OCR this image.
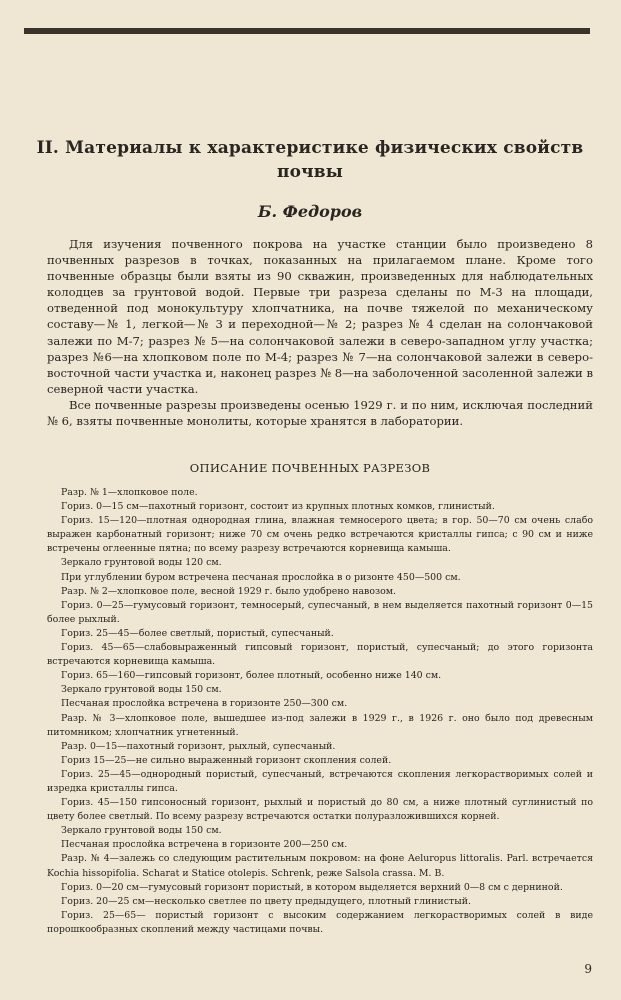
II. Материалы к характеристике физических свойств почвы
Б. Федоров

Для изучения почвенного покрова на участке станции было произведено 8 почвенных разрезов в точках, показанных на прилагаемом плане. Кроме того почвенные образцы были взяты из 90 скважин, произведенных для наблюдательных колодцев за грунтовой водой. Первые три разреза сделаны по М-3 на площади, отведенной под монокультуру хлопчатника, на почве тяжелой по механическому составу—№ 1, легкой—№ 3 и переходной—№ 2; разрез № 4 сделан на солончаковой залежи по М-7; разрез № 5—на солончаковой залежи в северо-западном углу участка; разрез №6—на хлопковом поле по М-4; разрез № 7—на солончаковой залежи в северо-восточной части участка и, наконец разрез № 8—на заболоченной засоленной залежи в северной части участка.

Все почвенные разрезы произведены осенью 1929 г. и по ним, исключая последний № 6, взяты почвенные монолиты, которые хранятся в лаборатории.

ОПИСАНИЕ ПОЧВЕННЫХ РАЗРЕЗОВ
Разр. № 1—хлопковое поле.
Гориз. 0—15 см—пахотный горизонт, состоит из крупных плотных комков, глинистый.
Гориз. 15—120—плотная однородная глина, влажная темносерого цвета; в гор. 50—70 см очень слабо выражен карбонатный горизонт; ниже 70 см очень редко встречаются кристаллы гипса; с 90 см и ниже встречены оглеенные пятна; по всему разрезу встречаются корневища камыша.
Зеркало грунтовой воды 120 см.
При углублении буром встречена песчаная прослойка в о ризонте 450—500 см.
Разр. № 2—хлопковое поле, весной 1929 г. было удобрено навозом.
Гориз. 0—25—гумусовый горизонт, темносерый, супесчаный, в нем выделяется пахотный горизонт 0—15 более рыхлый.
Гориз. 25—45—более светлый, пористый, супесчаный.
Гориз. 45—65—слабовыраженный гипсовый горизонт, пористый, супесчаный; до этого горизонта встречаются корневища камыша.
Гориз. 65—160—гипсовый горизонт, более плотный, особенно ниже 140 см.
Зеркало грунтовой воды 150 см.
Песчаная прослойка встречена в горизонте 250—300 см.
Разр. № 3—хлопковое поле, вышедшее из-под залежи в 1929 г., в 1926 г. оно было под древесным питомником; хлопчатник угнетенный.
Разр. 0—15—пахотный горизонт, рыхлый, супесчаный.
Гориз 15—25—не сильно выраженный горизонт скопления солей.
Гориз. 25—45—однородный пористый, супесчаный, встречаются скопления легкорастворимых солей и изредка кристаллы гипса.
Гориз. 45—150 гипсоносный горизонт, рыхлый и пористый до 80 см, а ниже плотный суглинистый по цвету более светлый. По всему разрезу встречаются остатки полуразложившихся корней.
Зеркало грунтовой воды 150 см.
Песчаная прослойка встречена в горизонте 200—250 см.
Разр. № 4—залежь со следующим растительным покровом: на фоне Aeluropus littoralis. Parl. встречается Kochia hissopifolia. Scharat и Statice otolepis. Schrenk, реже Salsola crassa. М. В.
Гориз. 0—20 см—гумусовый горизонт пористый, в котором выделяется верхний 0—8 см с дерниной.
Гориз. 20—25 см—несколько светлее по цвету предыдущего, плотный глинистый.
Гориз. 25—65— пористый горизонт с высоким содержанием легкорастворимых солей в виде порошкообразных скоплений между частицами почвы.
9
